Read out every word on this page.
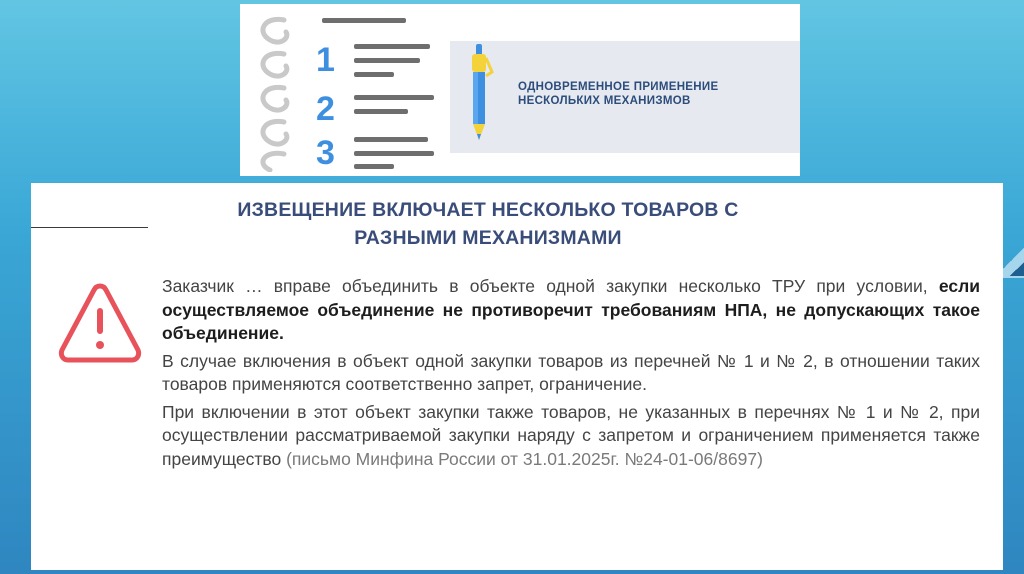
1
2
3
ОДНОВРЕМЕННОЕ ПРИМЕНЕНИЕ
НЕСКОЛЬКИХ МЕХАНИЗМОВ
ИЗВЕЩЕНИЕ ВКЛЮЧАЕТ НЕСКОЛЬКО ТОВАРОВ С
РАЗНЫМИ МЕХАНИЗМАМИ

Заказчик … вправе объединить в объекте одной закупки несколько ТРУ при условии, если осуществляемое объединение не противоречит требованиям НПА, не допускающих такое объединение.

В случае включения в объект одной закупки товаров из перечней № 1 и № 2, в отношении таких товаров применяются соответственно запрет, ограничение.

При включении в этот объект закупки также товаров, не указанных в перечнях № 1 и № 2, при осуществлении рассматриваемой закупки наряду с запретом и ограничением применяется также преимущество (письмо Минфина России от 31.01.2025г. №24-01-06/8697)
